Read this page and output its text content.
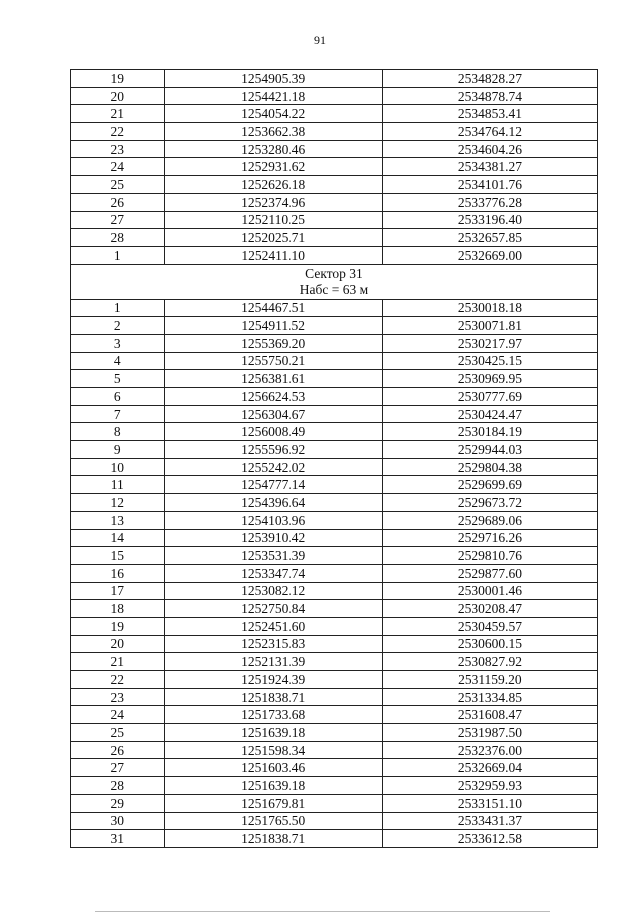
91
19	1254905.39	2534828.27
20	1254421.18	2534878.74
21	1254054.22	2534853.41
22	1253662.38	2534764.12
23	1253280.46	2534604.26
24	1252931.62	2534381.27
25	1252626.18	2534101.76
26	1252374.96	2533776.28
27	1252110.25	2533196.40
28	1252025.71	2532657.85
1	1252411.10	2532669.00

Сектор 31
Набс = 63 м		

1	1254467.51	2530018.18
2	1254911.52	2530071.81
3	1255369.20	2530217.97
4	1255750.21	2530425.15
5	1256381.61	2530969.95
6	1256624.53	2530777.69
7	1256304.67	2530424.47
8	1256008.49	2530184.19
9	1255596.92	2529944.03
10	1255242.02	2529804.38
11	1254777.14	2529699.69
12	1254396.64	2529673.72
13	1254103.96	2529689.06
14	1253910.42	2529716.26
15	1253531.39	2529810.76
16	1253347.74	2529877.60
17	1253082.12	2530001.46
18	1252750.84	2530208.47
19	1252451.60	2530459.57
20	1252315.83	2530600.15
21	1252131.39	2530827.92
22	1251924.39	2531159.20
23	1251838.71	2531334.85
24	1251733.68	2531608.47
25	1251639.18	2531987.50
26	1251598.34	2532376.00
27	1251603.46	2532669.04
28	1251639.18	2532959.93
29	1251679.81	2533151.10
30	1251765.50	2533431.37
31	1251838.71	2533612.58
